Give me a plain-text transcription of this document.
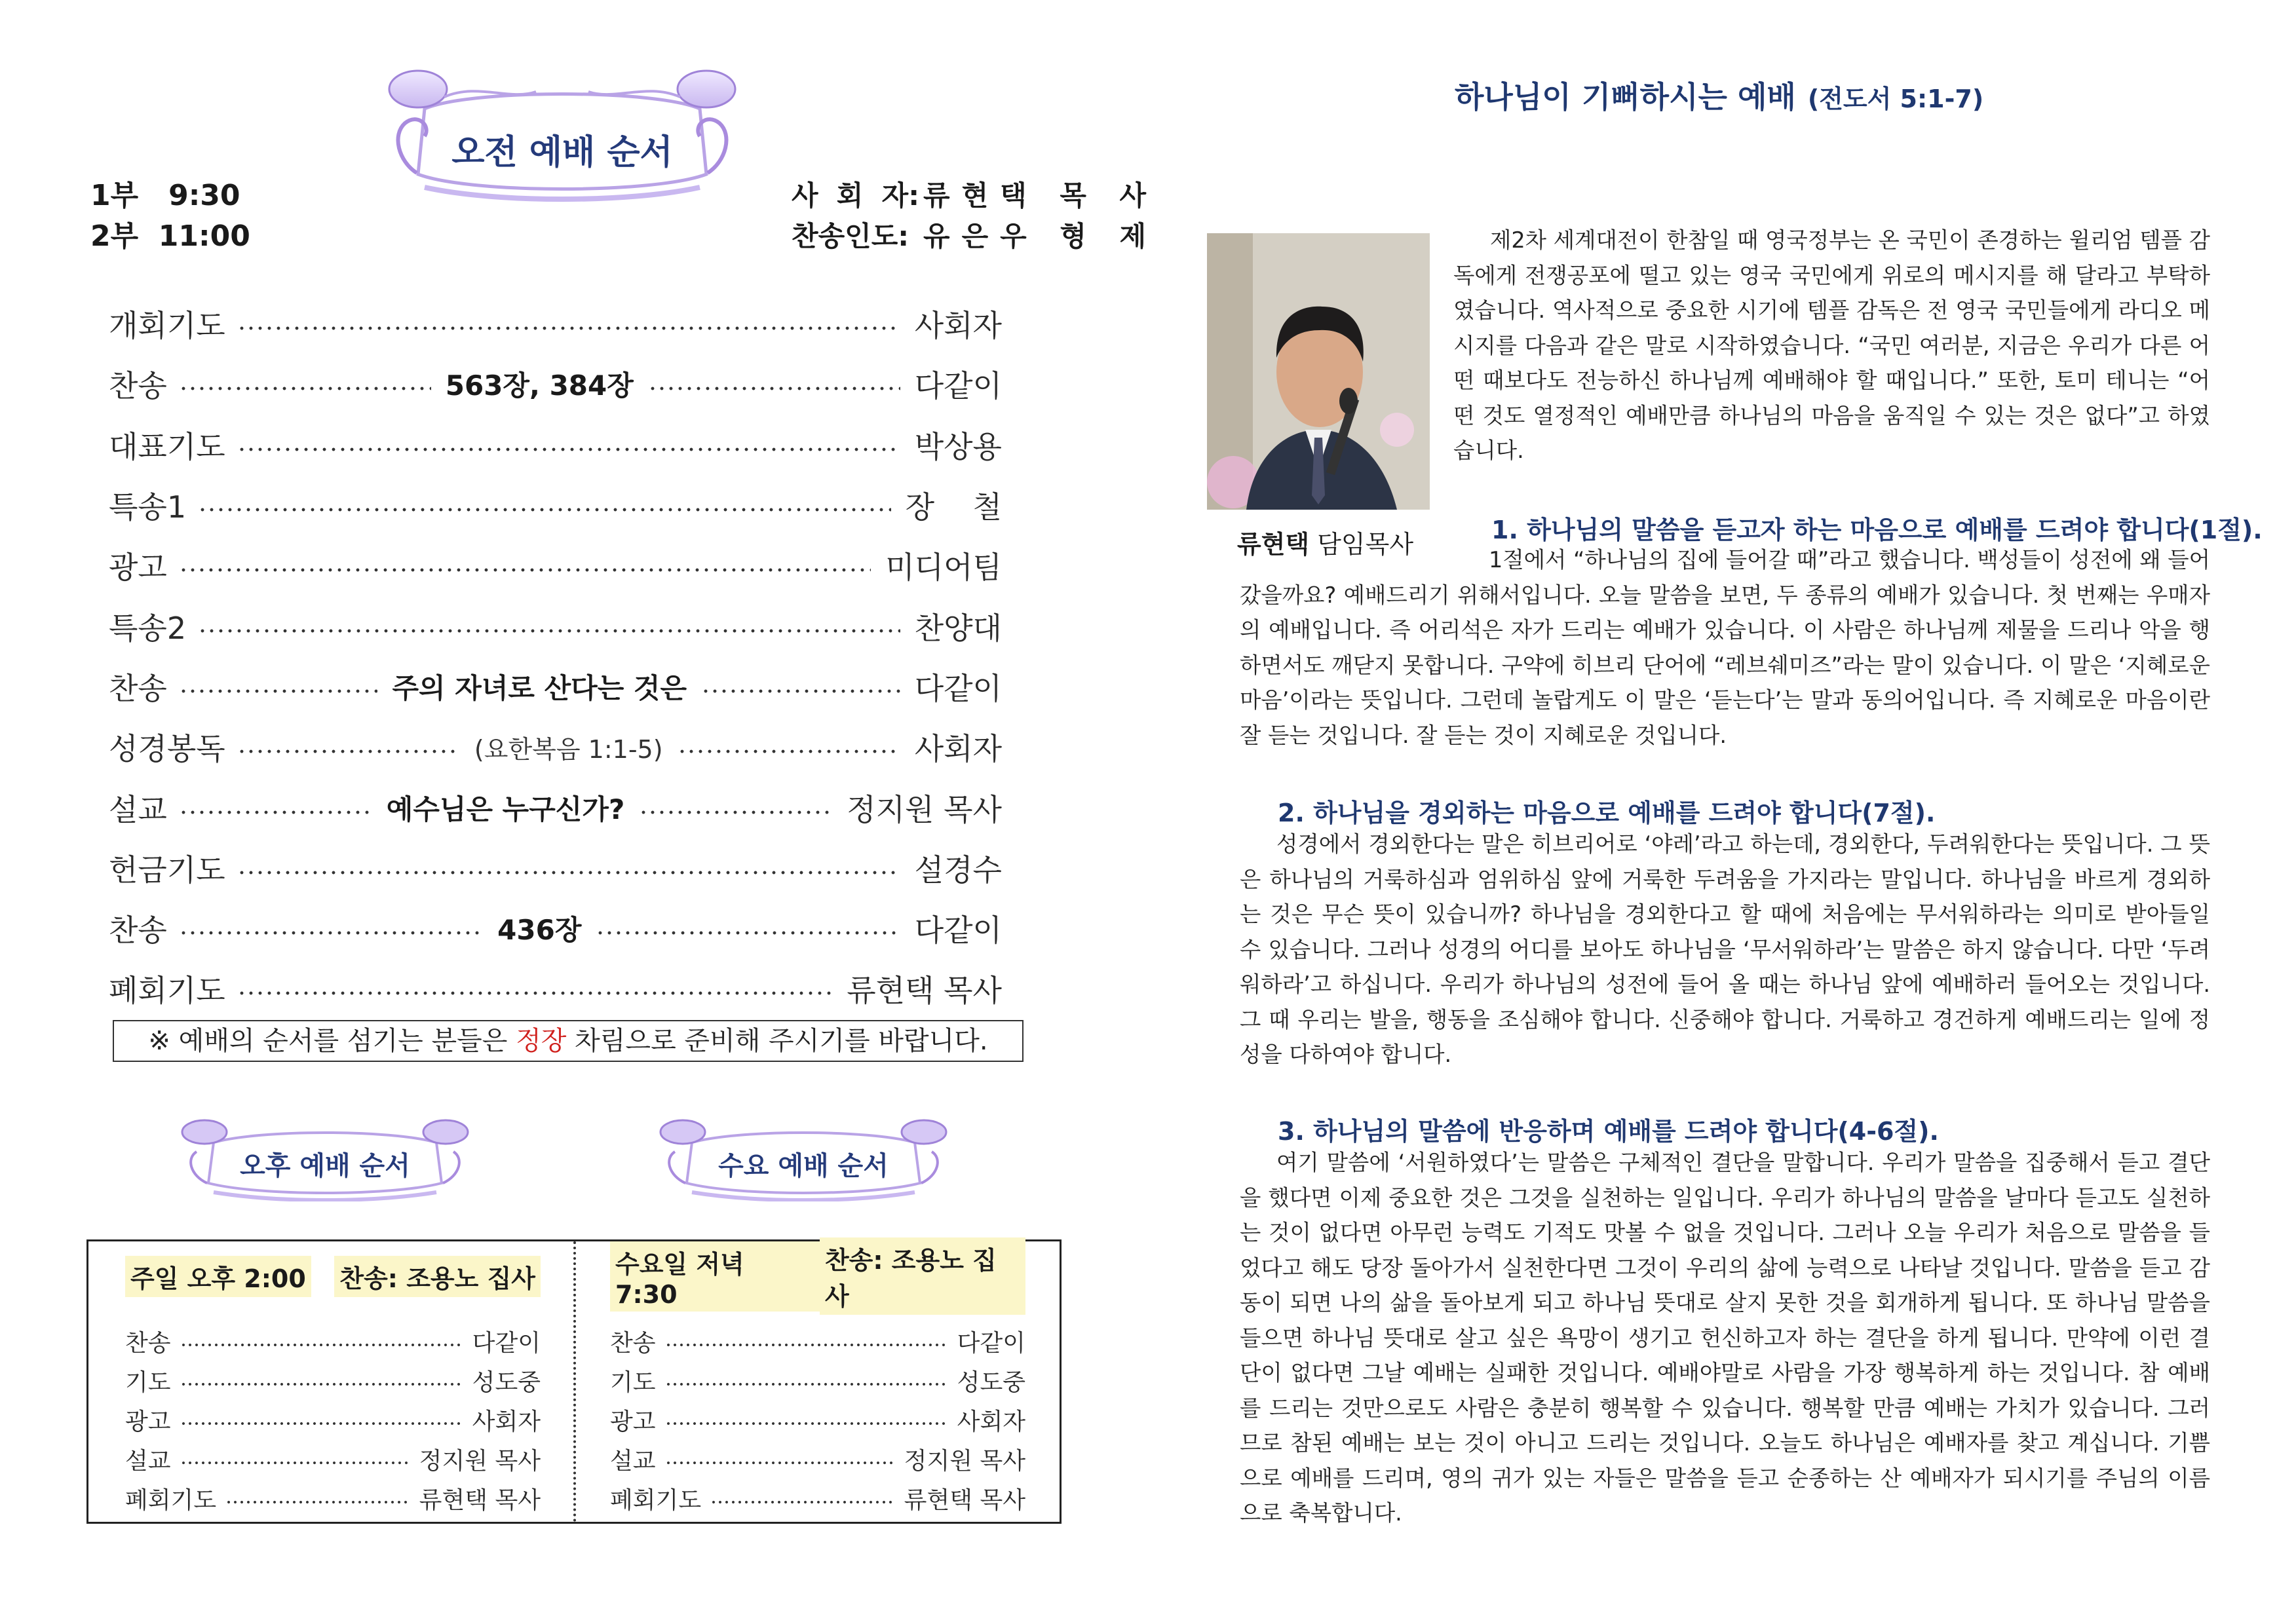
오전 예배 순서
1부   9:30
2부  11:00
사 회 자: 류현택 목 사
찬송인도: 유은우 형 제
개회기도	사회자
찬송	563장, 384장	다같이
대표기도	박상용
특송1	장    철
광고	미디어팀
특송2	찬양대
찬송	주의 자녀로 산다는 것은	다같이
성경봉독	(요한복음 1:1-5)	사회자
설교	예수님은 누구신가?	정지원 목사
헌금기도	설경수
찬송	436장	다같이
폐회기도	류현택 목사
※ 예배의 순서를 섬기는 분들은 정장 차림으로 준비해 주시기를 바랍니다.
오후 예배 순서	수요 예배 순서
주일 오후 2:00 찬송: 조용노 집사
찬송	다같이
기도	성도중
광고	사회자
설교	정지원 목사
폐회기도	류현택 목사
수요일 저녁 7:30
찬송: 조용노 집사
찬송	다같이
기도	성도중
광고	사회자
설교	정지원 목사
폐회기도	류현택 목사
하나님이 기뻐하시는 예배 (전도서 5:1-7)
류현택 담임목사

제2차 세계대전이 한참일 때 영국정부는 온 국민이 존경하는 윌리엄 템플 감독에게 전쟁공포에 떨고 있는 영국 국민에게 위로의 메시지를 해 달라고 부탁하였습니다. 역사적으로 중요한 시기에 템플 감독은 전 영국 국민들에게 라디오 메시지를 다음과 같은 말로 시작하였습니다. “국민 여러분, 지금은 우리가 다른 어떤 때보다도 전능하신 하나님께 예배해야 할 때입니다.” 또한, 토미 테니는 “어떤 것도 열정적인 예배만큼 하나님의 마음을 움직일 수 있는 것은 없다”고 하였습니다.

1. 하나님의 말씀을 듣고자 하는 마음으로 예배를 드려야 합니다(1절).

1절에서 “하나님의 집에 들어갈 때”라고 했습니다. 백성들이 성전에 왜 들어갔을까요? 예배드리기 위해서입니다. 오늘 말씀을 보면, 두 종류의 예배가 있습니다. 첫 번째는 우매자의 예배입니다. 즉 어리석은 자가 드리는 예배가 있습니다. 이 사람은 하나님께 제물을 드리나 악을 행하면서도 깨닫지 못합니다. 구약에 히브리 단어에 “레브쉐미즈”라는 말이 있습니다. 이 말은 ‘지혜로운 마음’이라는 뜻입니다. 그런데 놀랍게도 이 말은 ‘듣는다’는 말과 동의어입니다. 즉 지혜로운 마음이란 잘 듣는 것입니다. 잘 듣는 것이 지혜로운 것입니다.

2. 하나님을 경외하는 마음으로 예배를 드려야 합니다(7절).

성경에서 경외한다는 말은 히브리어로 ‘야레’라고 하는데, 경외한다, 두려워한다는 뜻입니다. 그 뜻은 하나님의 거룩하심과 엄위하심 앞에 거룩한 두려움을 가지라는 말입니다. 하나님을 바르게 경외하는 것은 무슨 뜻이 있습니까? 하나님을 경외한다고 할 때에 처음에는 무서워하라는 의미로 받아들일 수 있습니다. 그러나 성경의 어디를 보아도 하나님을 ‘무서워하라’는 말씀은 하지 않습니다. 다만 ‘두려워하라’고 하십니다. 우리가 하나님의 성전에 들어 올 때는 하나님 앞에 예배하러 들어오는 것입니다. 그 때 우리는 발을, 행동을 조심해야 합니다. 신중해야 합니다. 거룩하고 경건하게 예배드리는 일에 정성을 다하여야 합니다.

3. 하나님의 말씀에 반응하며 예배를 드려야 합니다(4-6절).

여기 말씀에 ‘서원하였다’는 말씀은 구체적인 결단을 말합니다. 우리가 말씀을 집중해서 듣고 결단을 했다면 이제 중요한 것은 그것을 실천하는 일입니다. 우리가 하나님의 말씀을 날마다 듣고도 실천하는 것이 없다면 아무런 능력도 기적도 맛볼 수 없을 것입니다. 그러나 오늘 우리가 처음으로 말씀을 들었다고 해도 당장 돌아가서 실천한다면 그것이 우리의 삶에 능력으로 나타날 것입니다. 말씀을 듣고 감동이 되면 나의 삶을 돌아보게 되고 하나님 뜻대로 살지 못한 것을 회개하게 됩니다. 또 하나님 말씀을 들으면 하나님 뜻대로 살고 싶은 욕망이 생기고 헌신하고자 하는 결단을 하게 됩니다. 만약에 이런 결단이 없다면 그날 예배는 실패한 것입니다. 예배야말로 사람을 가장 행복하게 하는 것입니다. 참 예배를 드리는 것만으로도 사람은 충분히 행복할 수 있습니다. 행복할 만큼 예배는 가치가 있습니다. 그러므로 참된 예배는 보는 것이 아니고 드리는 것입니다. 오늘도 하나님은 예배자를 찾고 계십니다. 기쁨으로 예배를 드리며, 영의 귀가 있는 자들은 말씀을 듣고 순종하는 산 예배자가 되시기를 주님의 이름으로 축복합니다.
